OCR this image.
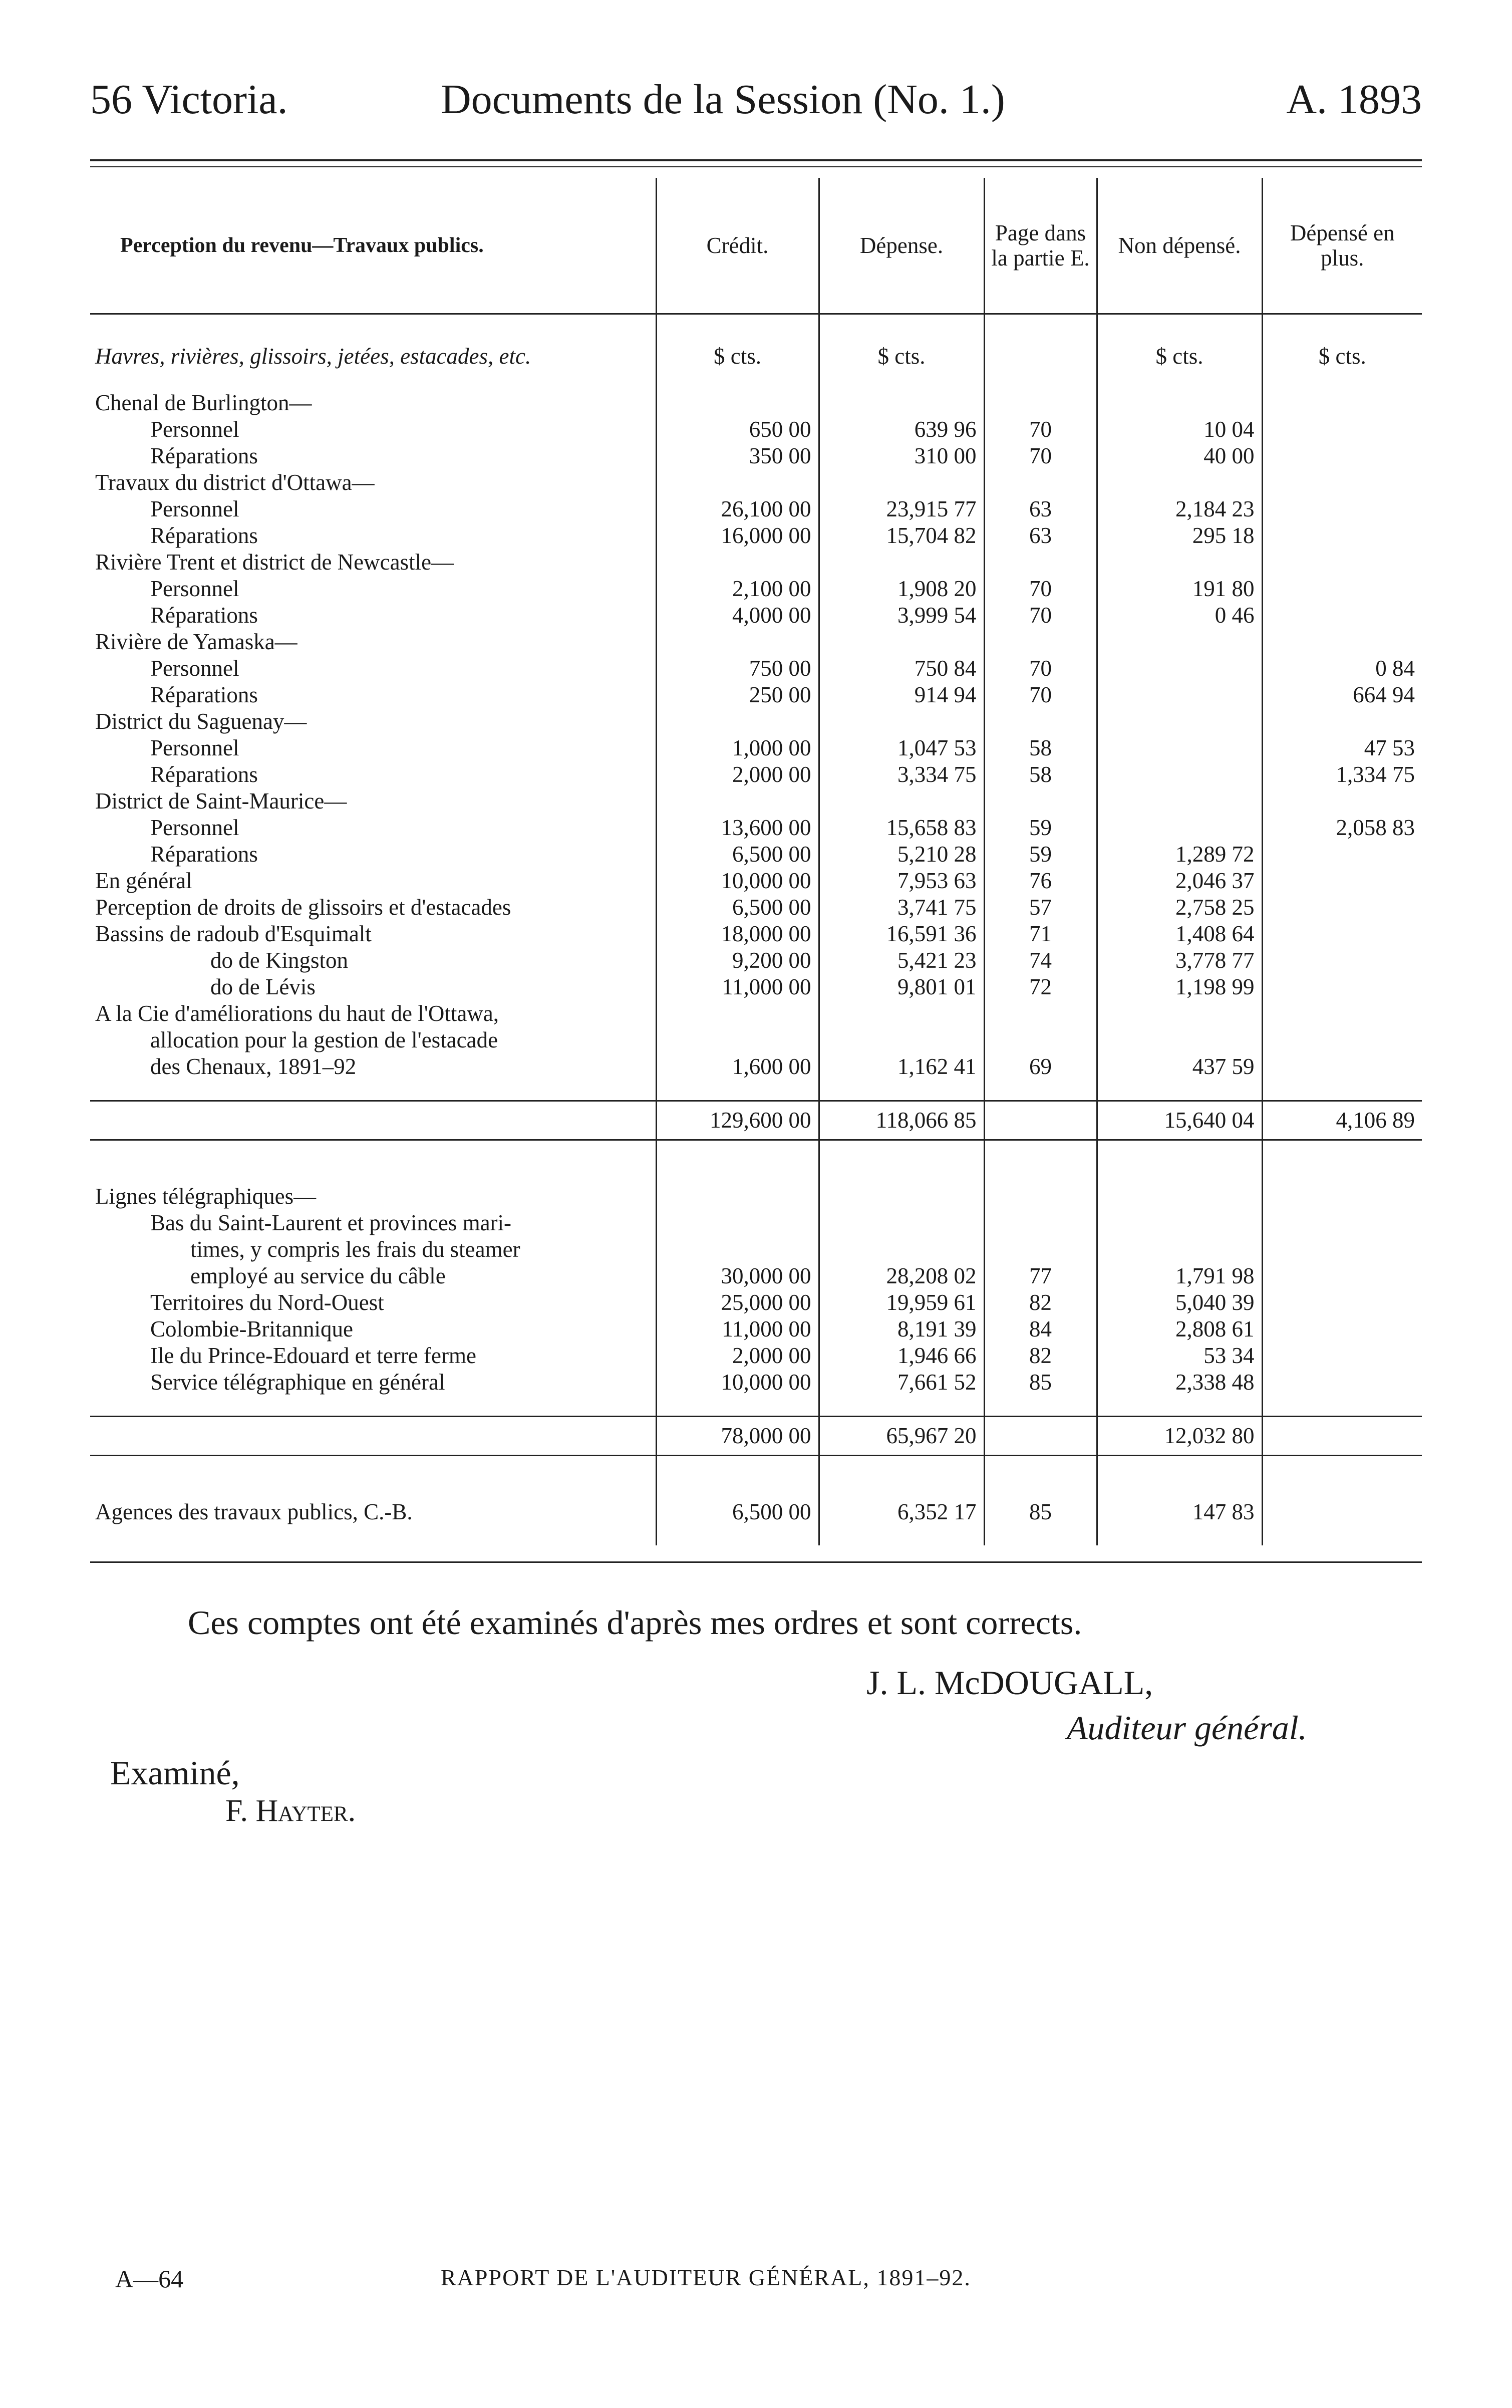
56 Victoria.	Documents de la Session (No. 1.)	A. 1893
Perception du revenu—Travaux publics.	Crédit.	Dépense.	Page dans la partie E.	Non dépensé.	Dépensé en plus.
Havres, rivières, glissoirs, jetées, estacades, etc.	$ cts.	$ cts.		$ cts.	$ cts.

Chenal de Burlington—					
Personnel	650 00	639 96	70	10 04	
Réparations	350 00	310 00	70	40 00	
Travaux du district d'Ottawa—					
Personnel	26,100 00	23,915 77	63	2,184 23	
Réparations	16,000 00	15,704 82	63	295 18	
Rivière Trent et district de Newcastle—					
Personnel	2,100 00	1,908 20	70	191 80	
Réparations	4,000 00	3,999 54	70	0 46	
Rivière de Yamaska—					
Personnel	750 00	750 84	70		0 84
Réparations	250 00	914 94	70		664 94
District du Saguenay—					
Personnel	1,000 00	1,047 53	58		47 53
Réparations	2,000 00	3,334 75	58		1,334 75
District de Saint-Maurice—					
Personnel	13,600 00	15,658 83	59		2,058 83
Réparations	6,500 00	5,210 28	59	1,289 72	
En général	10,000 00	7,953 63	76	2,046 37	
Perception de droits de glissoirs et d'estacades	6,500 00	3,741 75	57	2,758 25	
Bassins de radoub d'Esquimalt	18,000 00	16,591 36	71	1,408 64	
do de Kingston	9,200 00	5,421 23	74	3,778 77	
do de Lévis	11,000 00	9,801 01	72	1,198 99	
A la Cie d'améliorations du haut de l'Ottawa,					
allocation pour la gestion de l'estacade					
des Chenaux, 1891–92	1,600 00	1,162 41	69	437 59	

	129,600 00	118,066 85		15,640 04	4,106 89

Lignes télégraphiques—					
Bas du Saint-Laurent et provinces mari-					
times, y compris les frais du steamer					
employé au service du câble	30,000 00	28,208 02	77	1,791 98	
Territoires du Nord-Ouest	25,000 00	19,959 61	82	5,040 39	
Colombie-Britannique	11,000 00	8,191 39	84	2,808 61	
Ile du Prince-Edouard et terre ferme	2,000 00	1,946 66	82	53 34	
Service télégraphique en général	10,000 00	7,661 52	85	2,338 48	

	78,000 00	65,967 20		12,032 80	

Agences des travaux publics, C.-B.	6,500 00	6,352 17	85	147 83	

Ces comptes ont été examinés d'après mes ordres et sont corrects.
J. L. McDOUGALL,
Auditeur général.
Examiné,
F. Hayter.
A—64	RAPPORT DE L'AUDITEUR GÉNÉRAL, 1891–92.
